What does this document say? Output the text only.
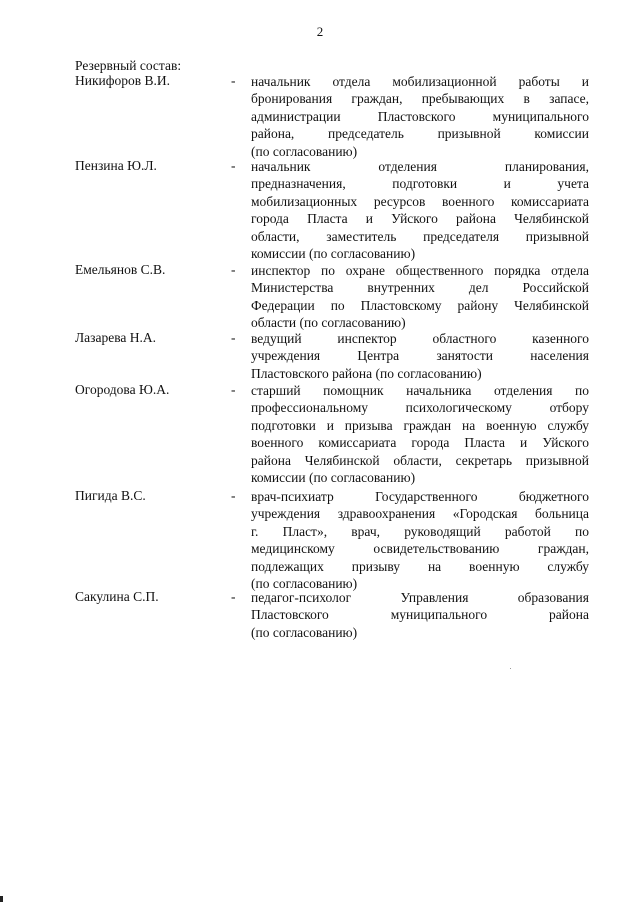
2
Резервный состав:
Никифоров В.И.	- начальник отдела мобилизационной работы и
бронирования граждан, пребывающих в запасе,
администрации Пластовского муниципального
района, председатель призывной комиссии
(по согласованию)
Пензина Ю.Л.	- начальник отделения планирования,
предназначения, подготовки и учета
мобилизационных ресурсов военного комиссариата
города Пласта и Уйского района Челябинской
области, заместитель председателя призывной
комиссии (по согласованию)
Емельянов С.В.	- инспектор по охране общественного порядка отдела
Министерства внутренних дел Российской
Федерации по Пластовскому району Челябинской
области (по согласованию)
Лазарева Н.А.	- ведущий инспектор областного казенного
учреждения Центра занятости населения
Пластовского района (по согласованию)
Огородова Ю.А.	- старший помощник начальника отделения по
профессиональному психологическому отбору
подготовки и призыва граждан на военную службу
военного комиссариата города Пласта и Уйского
района Челябинской области, секретарь призывной
комиссии (по согласованию)
Пигида В.С.	- врач-психиатр Государственного бюджетного
учреждения здравоохранения «Городская больница
г. Пласт», врач, руководящий работой по
медицинскому освидетельствованию граждан,
подлежащих призыву на военную службу
(по согласованию)
Сакулина С.П.	- педагог-психолог Управления образования
Пластовского муниципального района
(по согласованию)
